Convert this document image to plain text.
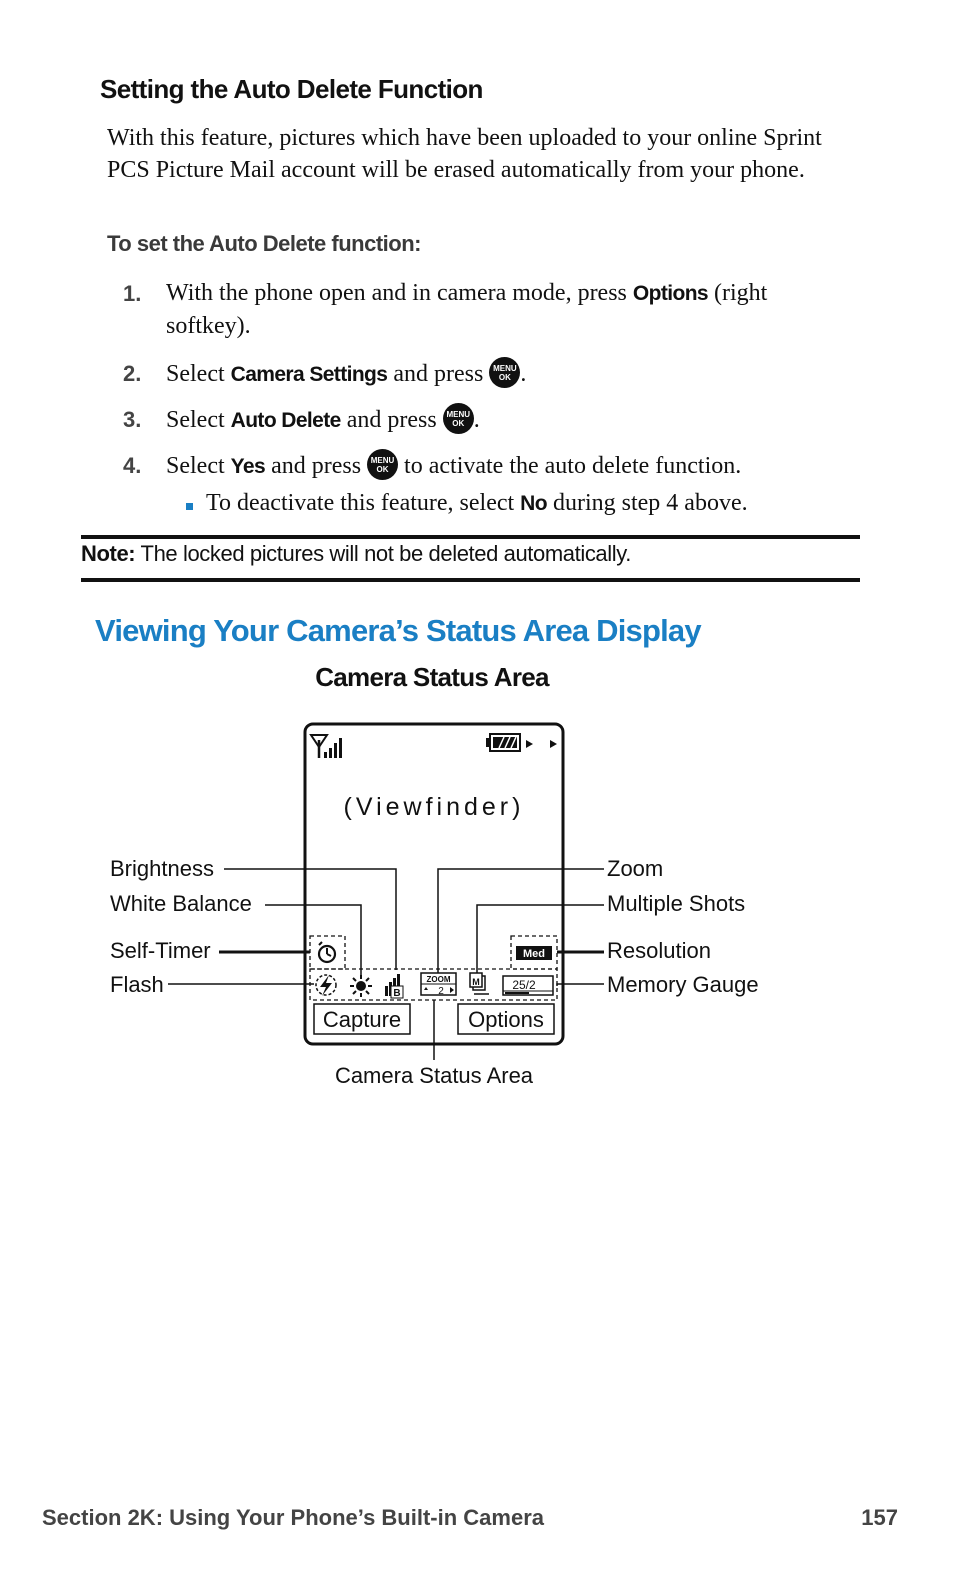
Setting the Auto Delete Function
With this feature, pictures which have been uploaded to your online Sprint PCS Picture Mail account will be erased automatically from your phone.
To set the Auto Delete function:
1. With the phone open and in camera mode, press Options (right softkey).
2. Select Camera Settings and press MENU
OK .
3. Select Auto Delete and press MENU
OK .
4. Select Yes and press MENU
OK to activate the auto delete function.
To deactivate this feature, select No during step 4 above.
Note: The locked pictures will not be deleted automatically.
Viewing Your Camera’s Status Area Display
Camera Status Area
(Viewfinder)
Med
B
ZOOM
2
M	25/2
Capture	Options
Brightness
White Balance
Self-Timer
Flash
Zoom
Multiple Shots
Resolution
Memory Gauge
Camera Status Area
Section 2K: Using Your Phone’s Built-in Camera	157
